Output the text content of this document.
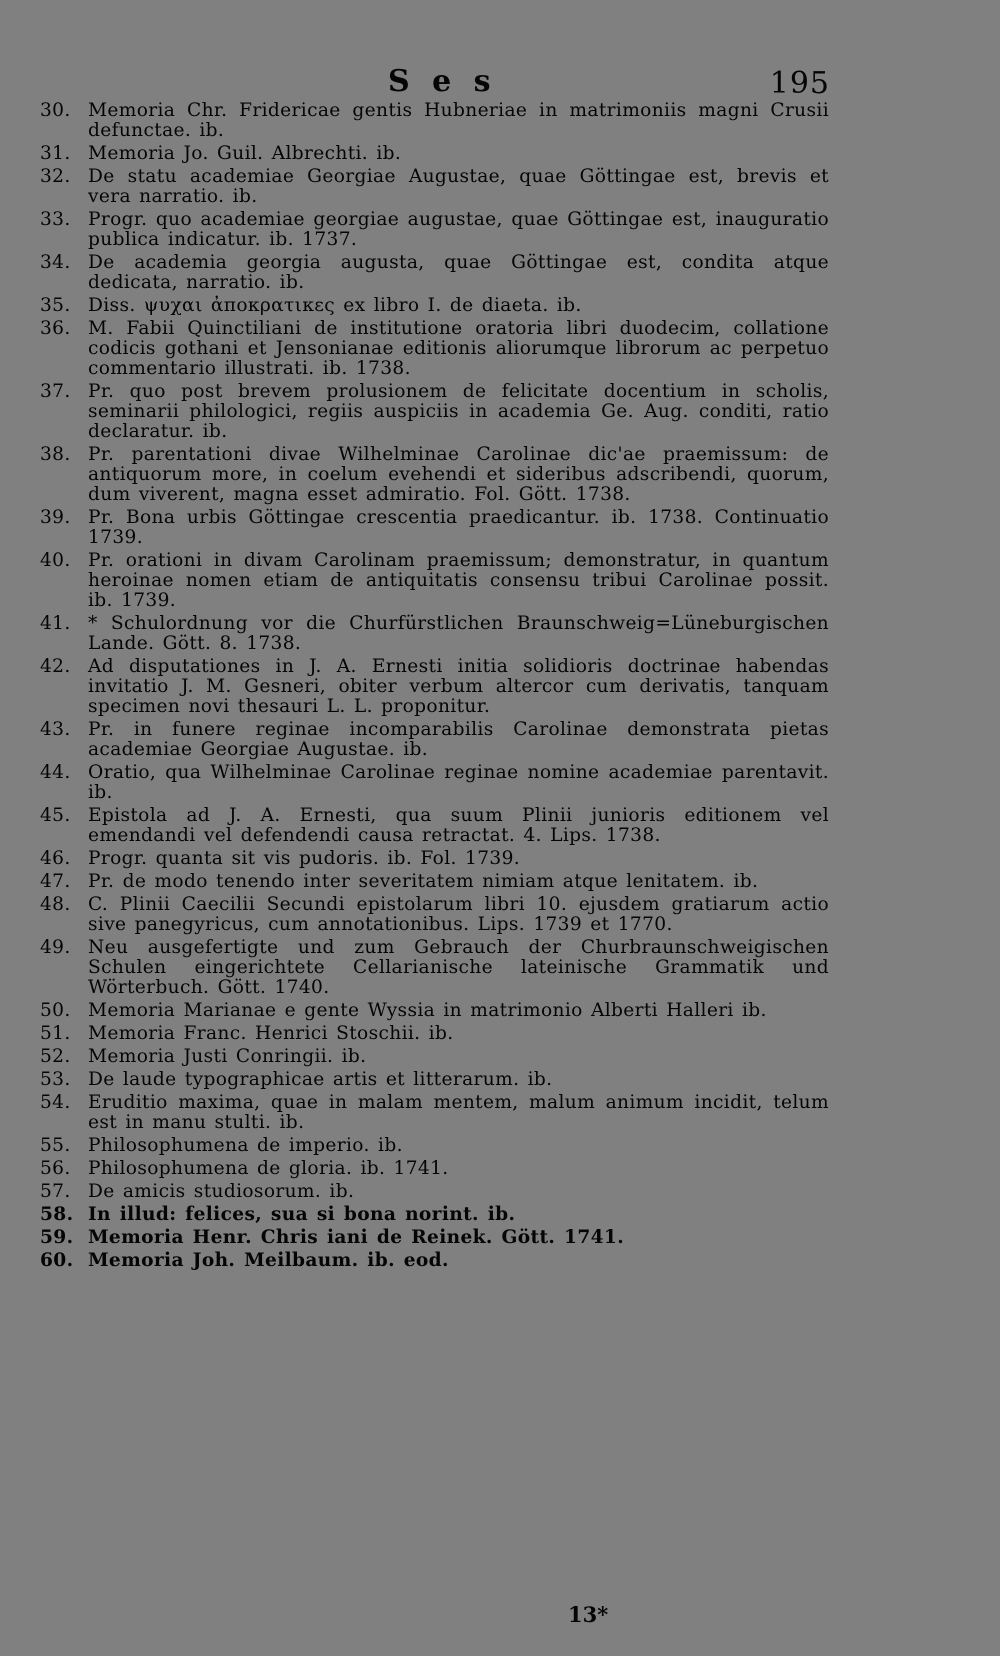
S e s	195
30. Memoria Chr. Fridericae gentis Hubneriae in matrimoniis magni Crusii defunctae. ib.
31. Memoria Jo. Guil. Albrechti. ib.
32. De statu academiae Georgiae Augustae, quae Göttingae est, brevis et vera narratio. ib.
33. Progr. quo academiae georgiae augustae, quae Göttingae est, inauguratio publica indicatur. ib. 1737.
34. De academia georgia augusta, quae Göttingae est, condita atque dedicata, narratio. ib.
35. Diss. ψυχαι ἀποκρατικες ex libro I. de diaeta. ib.
36. M. Fabii Quinctiliani de institutione oratoria libri duodecim, collatione codicis gothani et Jensonianae editionis aliorumque librorum ac perpetuo commentario illustrati. ib. 1738.
37. Pr. quo post brevem prolusionem de felicitate docentium in scholis, seminarii philologici, regiis auspiciis in academia Ge. Aug. conditi, ratio declaratur. ib.
38. Pr. parentationi divae Wilhelminae Carolinae dic'ae praemissum: de antiquorum more, in coelum evehendi et sideribus adscribendi, quorum, dum viverent, magna esset admiratio. Fol. Gött. 1738.
39. Pr. Bona urbis Göttingae crescentia praedicantur. ib. 1738. Continuatio 1739.
40. Pr. orationi in divam Carolinam praemissum; demonstratur, in quantum heroinae nomen etiam de antiquitatis consensu tribui Carolinae possit. ib. 1739.
41. * Schulordnung vor die Churfürstlichen Braunschweig=Lüneburgischen Lande. Gött. 8. 1738.
42. Ad disputationes in J. A. Ernesti initia solidioris doctrinae habendas invitatio J. M. Gesneri, obiter verbum altercor cum derivatis, tanquam specimen novi thesauri L. L. proponitur.
43. Pr. in funere reginae incomparabilis Carolinae demonstrata pietas academiae Georgiae Augustae. ib.
44. Oratio, qua Wilhelminae Carolinae reginae nomine academiae parentavit. ib.
45. Epistola ad J. A. Ernesti, qua suum Plinii junioris editionem vel emendandi vel defendendi causa retractat. 4. Lips. 1738.
46. Progr. quanta sit vis pudoris. ib. Fol. 1739.
47. Pr. de modo tenendo inter severitatem nimiam atque lenitatem. ib.
48. C. Plinii Caecilii Secundi epistolarum libri 10. ejusdem gratiarum actio sive panegyricus, cum annotationibus. Lips. 1739 et 1770.
49. Neu ausgefertigte und zum Gebrauch der Churbraunschweigischen Schulen eingerichtete Cellarianische lateinische Grammatik und Wörterbuch. Gött. 1740.
50. Memoria Marianae e gente Wyssia in matrimonio Alberti Halleri ib.
51. Memoria Franc. Henrici Stoschii. ib.
52. Memoria Justi Conringii. ib.
53. De laude typographicae artis et litterarum. ib.
54. Eruditio maxima, quae in malam mentem, malum animum incidit, telum est in manu stulti. ib.
55. Philosophumena de imperio. ib.
56. Philosophumena de gloria. ib. 1741.
57. De amicis studiosorum. ib.
58. In illud: felices, sua si bona norint. ib.
59. Memoria Henr. Chris iani de Reinek. Gött. 1741.
60. Memoria Joh. Meilbaum. ib. eod.
13*
